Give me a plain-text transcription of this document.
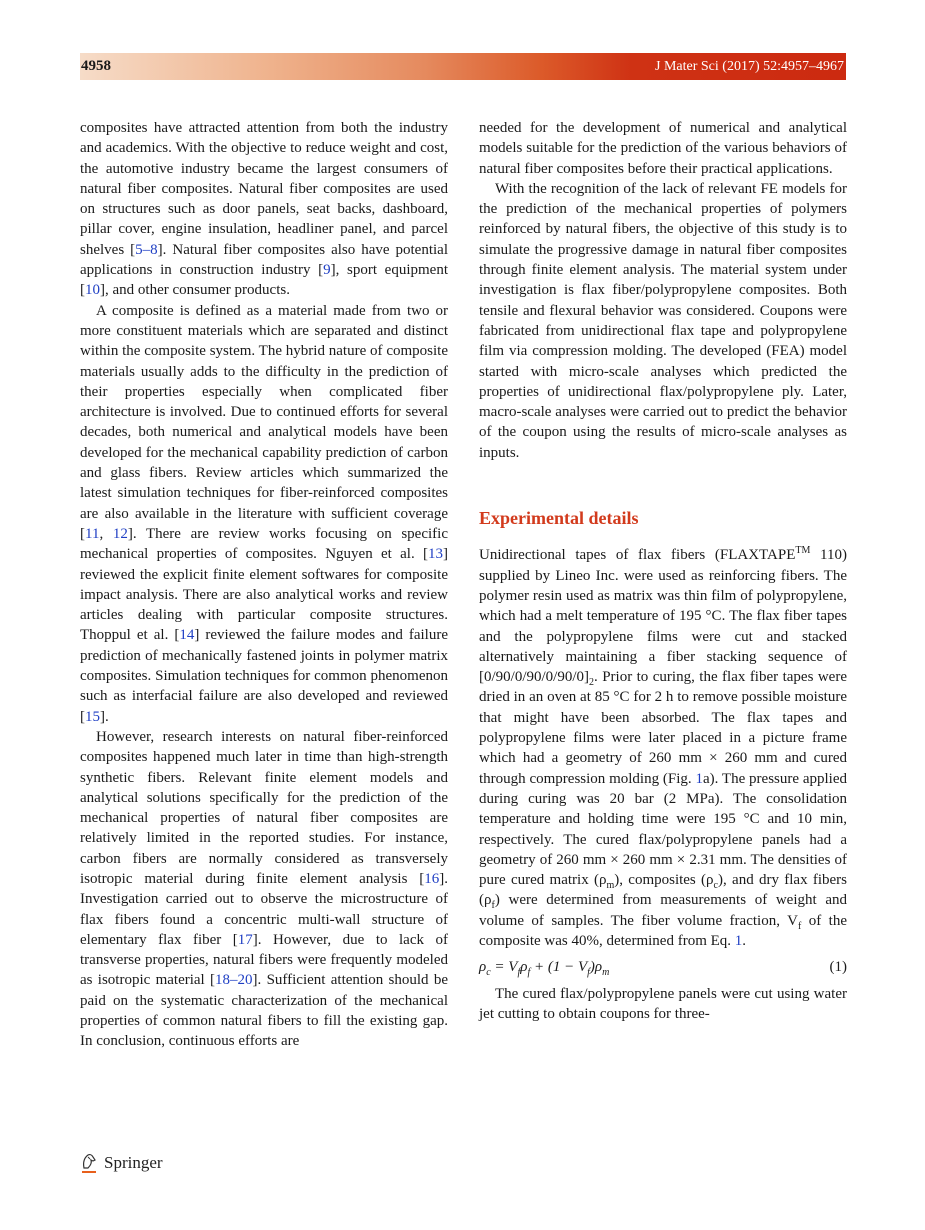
4958	J Mater Sci (2017) 52:4957–4967

composites have attracted attention from both the industry and academics. With the objective to reduce weight and cost, the automotive industry became the largest consumers of natural fiber composites. Natural fiber composites are used on structures such as door panels, seat backs, dashboard, pillar cover, engine insulation, headliner panel, and parcel shelves [5–8]. Natural fiber composites also have potential applications in construction industry [9], sport equipment [10], and other consumer products.

A composite is defined as a material made from two or more constituent materials which are separated and distinct within the composite system. The hybrid nature of composite materials usually adds to the difficulty in the prediction of their properties especially when complicated fiber architecture is involved. Due to continued efforts for several decades, both numerical and analytical models have been developed for the mechanical capability prediction of carbon and glass fibers. Review articles which summarized the latest simulation techniques for fiber-reinforced composites are also available in the literature with sufficient coverage [11, 12]. There are review works focusing on specific mechanical properties of composites. Nguyen et al. [13] reviewed the explicit finite element softwares for composite impact analysis. There are also analytical works and review articles dealing with particular composite structures. Thoppul et al. [14] reviewed the failure modes and failure prediction of mechanically fastened joints in polymer matrix composites. Simulation techniques for common phenomenon such as interfacial failure are also developed and reviewed [15].

However, research interests on natural fiber-reinforced composites happened much later in time than high-strength synthetic fibers. Relevant finite element models and analytical solutions specifically for the prediction of the mechanical properties of natural fiber composites are relatively limited in the reported studies. For instance, carbon fibers are normally considered as transversely isotropic material during finite element analysis [16]. Investigation carried out to observe the microstructure of flax fibers found a concentric multi-wall structure of elementary flax fiber [17]. However, due to lack of transverse properties, natural fibers were frequently modeled as isotropic material [18–20]. Sufficient attention should be paid on the systematic characterization of the mechanical properties of common natural fibers to fill the existing gap. In conclusion, continuous efforts are

needed for the development of numerical and analytical models suitable for the prediction of the various behaviors of natural fiber composites before their practical applications.

With the recognition of the lack of relevant FE models for the prediction of the mechanical properties of polymers reinforced by natural fibers, the objective of this study is to simulate the progressive damage in natural fiber composites through finite element analysis. The material system under investigation is flax fiber/polypropylene composites. Both tensile and flexural behavior was considered. Coupons were fabricated from unidirectional flax tape and polypropylene film via compression molding. The developed (FEA) model started with micro-scale analyses which predicted the properties of unidirectional flax/polypropylene ply. Later, macro-scale analyses were carried out to predict the behavior of the coupon using the results of micro-scale analyses as inputs.

Experimental details

Unidirectional tapes of flax fibers (FLAXTAPE™ 110) supplied by Lineo Inc. were used as reinforcing fibers. The polymer resin used as matrix was thin film of polypropylene, which had a melt temperature of 195 °C. The flax fiber tapes and the polypropylene films were cut and stacked alternatively maintaining a fiber stacking sequence of $[0/90/0/90/0/90/0]_2$. Prior to curing, the flax fiber tapes were dried in an oven at 85 °C for 2 h to remove possible moisture that might have been absorbed. The flax tapes and polypropylene films were later placed in a picture frame which had a geometry of 260 mm × 260 mm and cured through compression molding (Fig. 1a). The pressure applied during curing was 20 bar (2 MPa). The consolidation temperature and holding time were 195 °C and 10 min, respectively. The cured flax/polypropylene panels had a geometry of 260 mm × 260 mm × 2.31 mm. The densities of pure cured matrix $(\rho_m)$, composites $(\rho_c)$, and dry flax fibers $(\rho_f)$ were determined from measurements of weight and volume of samples. The fiber volume fraction, $V_f$ of the composite was 40%, determined from Eq. 1.

$\rho_c = V_f\rho_f + (1 - V_f)\rho_m$	(1)

The cured flax/polypropylene panels were cut using water jet cutting to obtain coupons for three-

Springer
